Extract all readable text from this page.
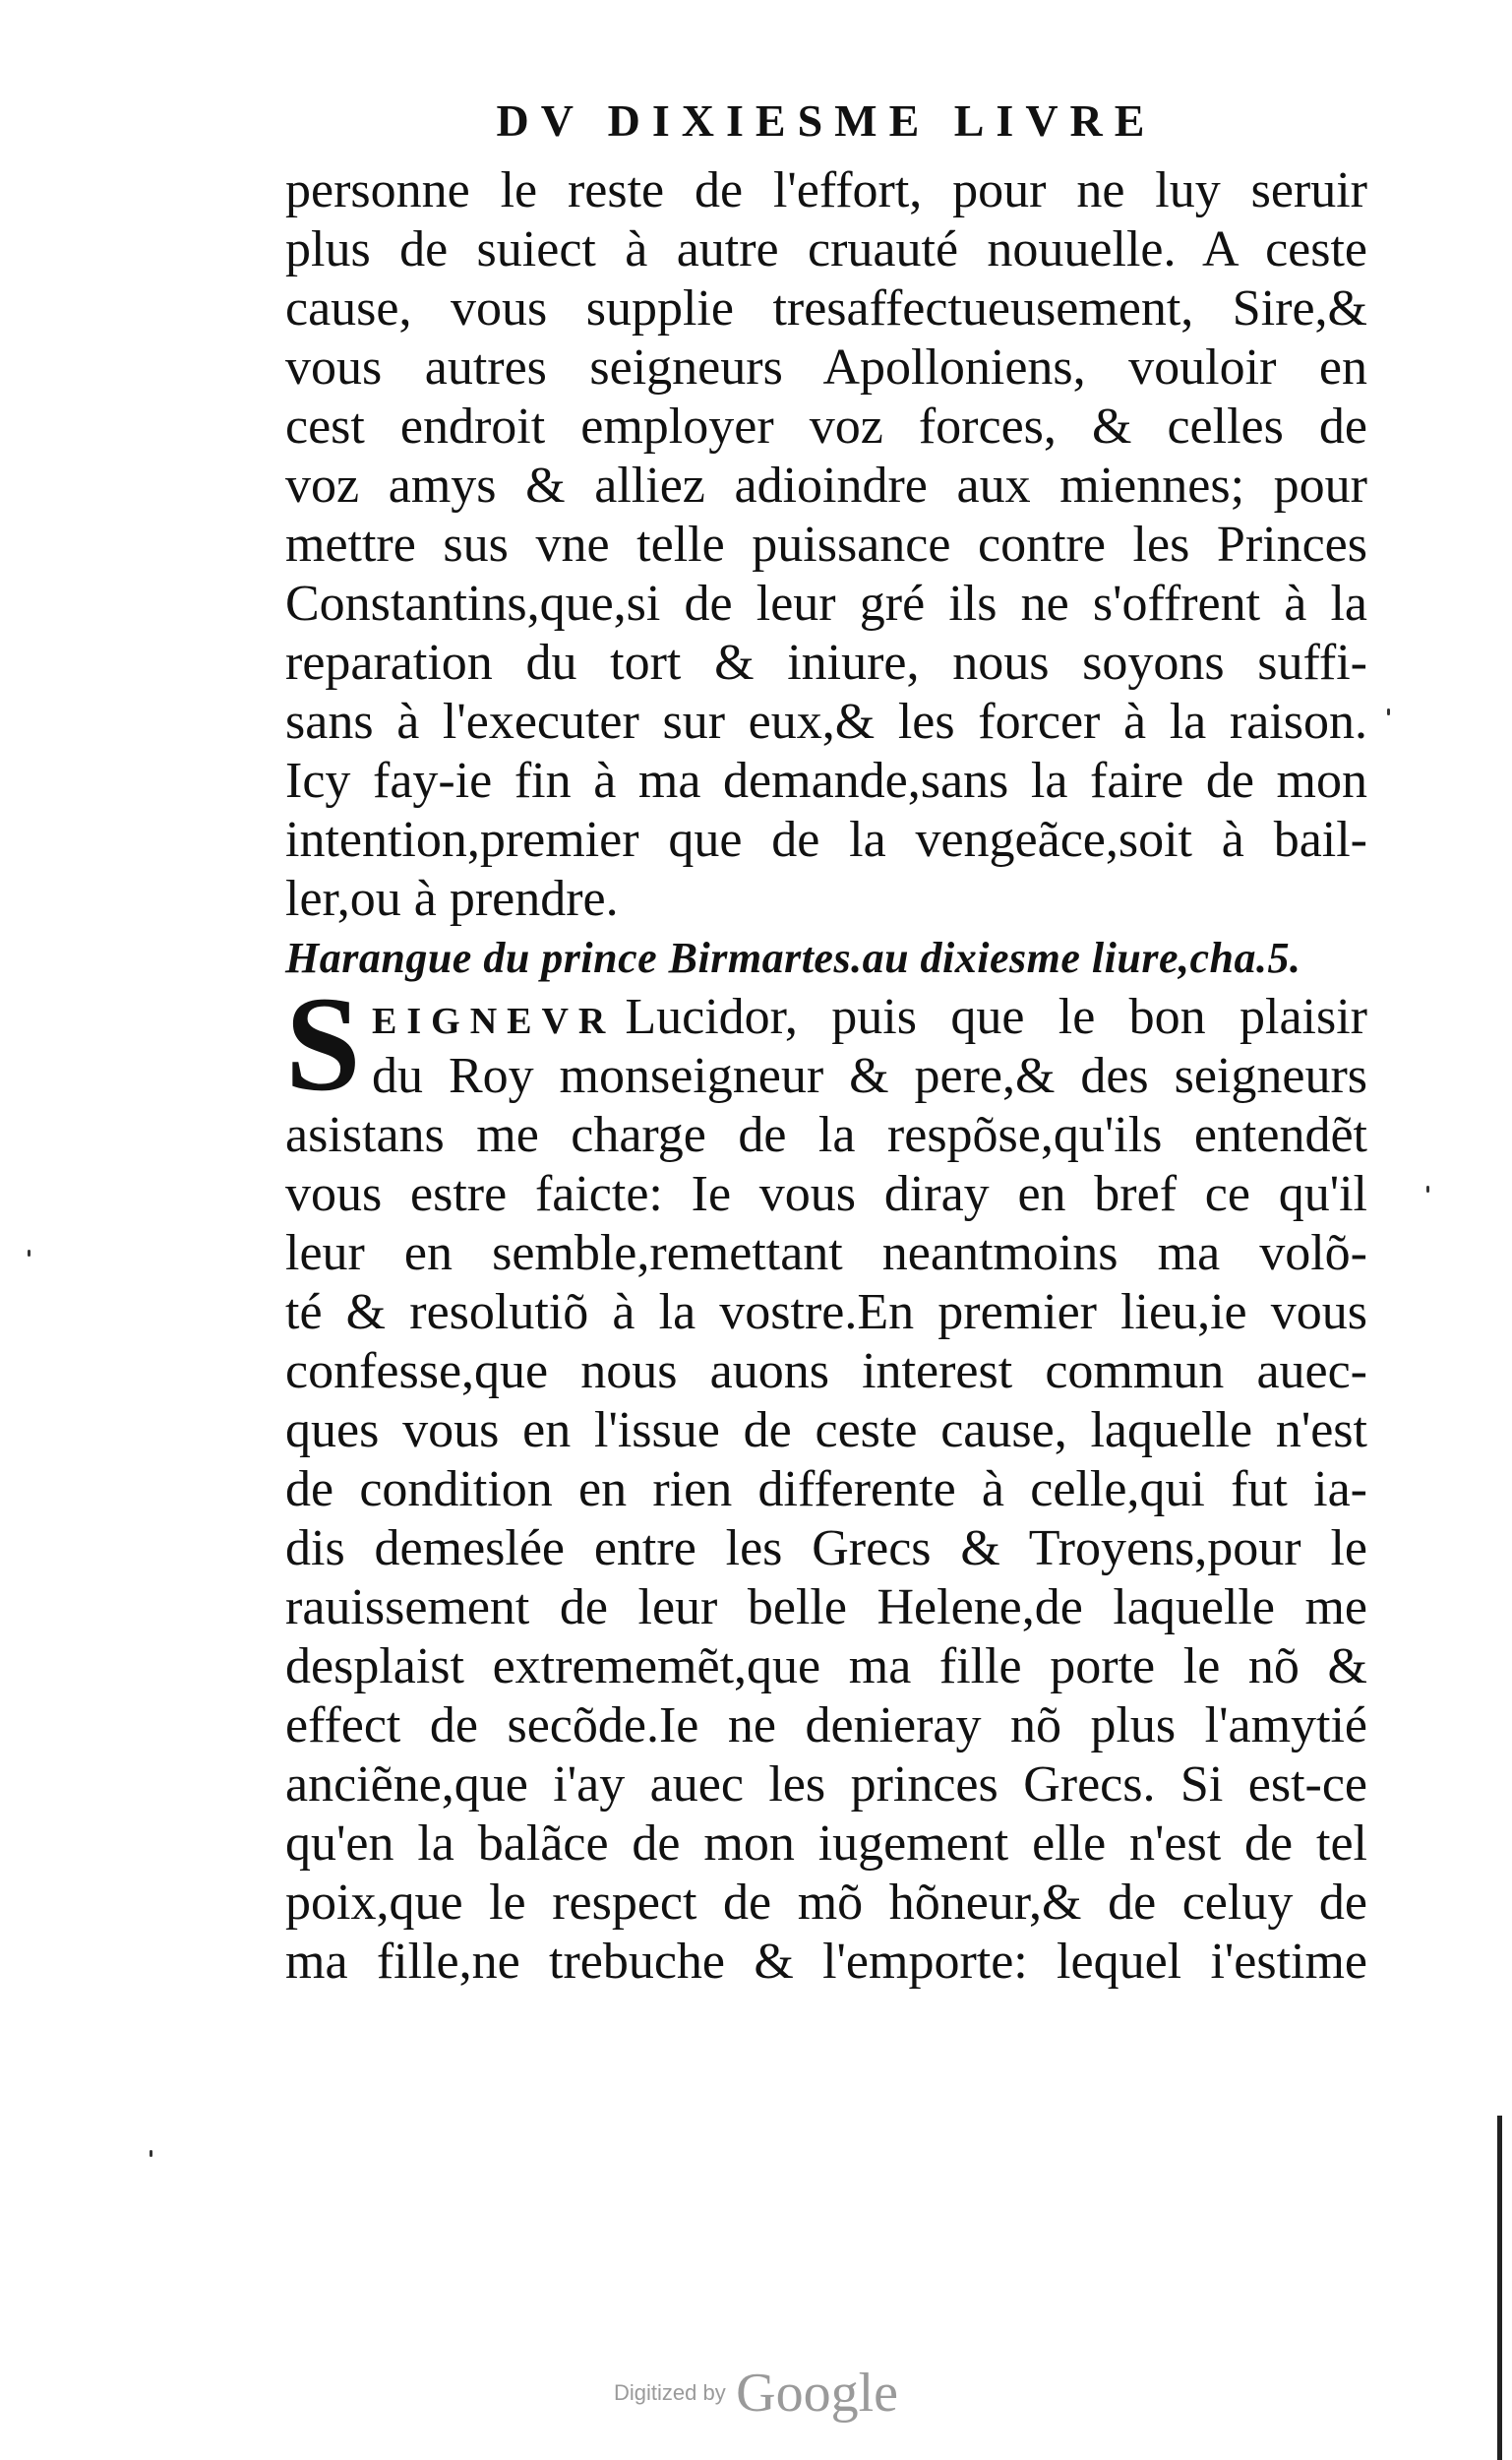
DV DIXIESME LIVRE
personne le reste de l'effort, pour ne luy seruir
plus de suiect à autre cruauté nouuelle. A ceste
cause, vous supplie tresaffectueusement, Sire,&
vous autres seigneurs Apolloniens, vouloir en
cest endroit employer voz forces, & celles de
voz amys & alliez adioindre aux miennes; pour
mettre sus vne telle puissance contre les Princes
Constantins,que,si de leur gré ils ne s'offrent à la
reparation du tort & iniure, nous soyons suffi-
sans à l'executer sur eux,& les forcer à la raison.
Icy fay-ie fin à ma demande,sans la faire de mon
intention,premier que de la vengeãce,soit à bail-
ler,ou à prendre.
Harangue du prince Birmartes.au dixiesme liure,cha.5.
S EIGNEVR Lucidor, puis que le bon plaisir
du Roy monseigneur & pere,& des seigneurs
asistans me charge de la respõse,qu'ils entendẽt
vous estre faicte: Ie vous diray en bref ce qu'il
leur en semble,remettant neantmoins ma volõ-
té & resolutiõ à la vostre.En premier lieu,ie vous
confesse,que nous auons interest commun auec-
ques vous en l'issue de ceste cause, laquelle n'est
de condition en rien differente à celle,qui fut ia-
dis demeslée entre les Grecs & Troyens,pour le
rauissement de leur belle Helene,de laquelle me
desplaist extrememẽt,que ma fille porte le nõ &
effect de secõde.Ie ne denieray nõ plus l'amytié
anciẽne,que i'ay auec les princes Grecs. Si est-ce
qu'en la balãce de mon iugement elle n'est de tel
poix,que le respect de mõ hõneur,& de celuy de
ma fille,ne trebuche & l'emporte: lequel i'estime
Digitized by Google
